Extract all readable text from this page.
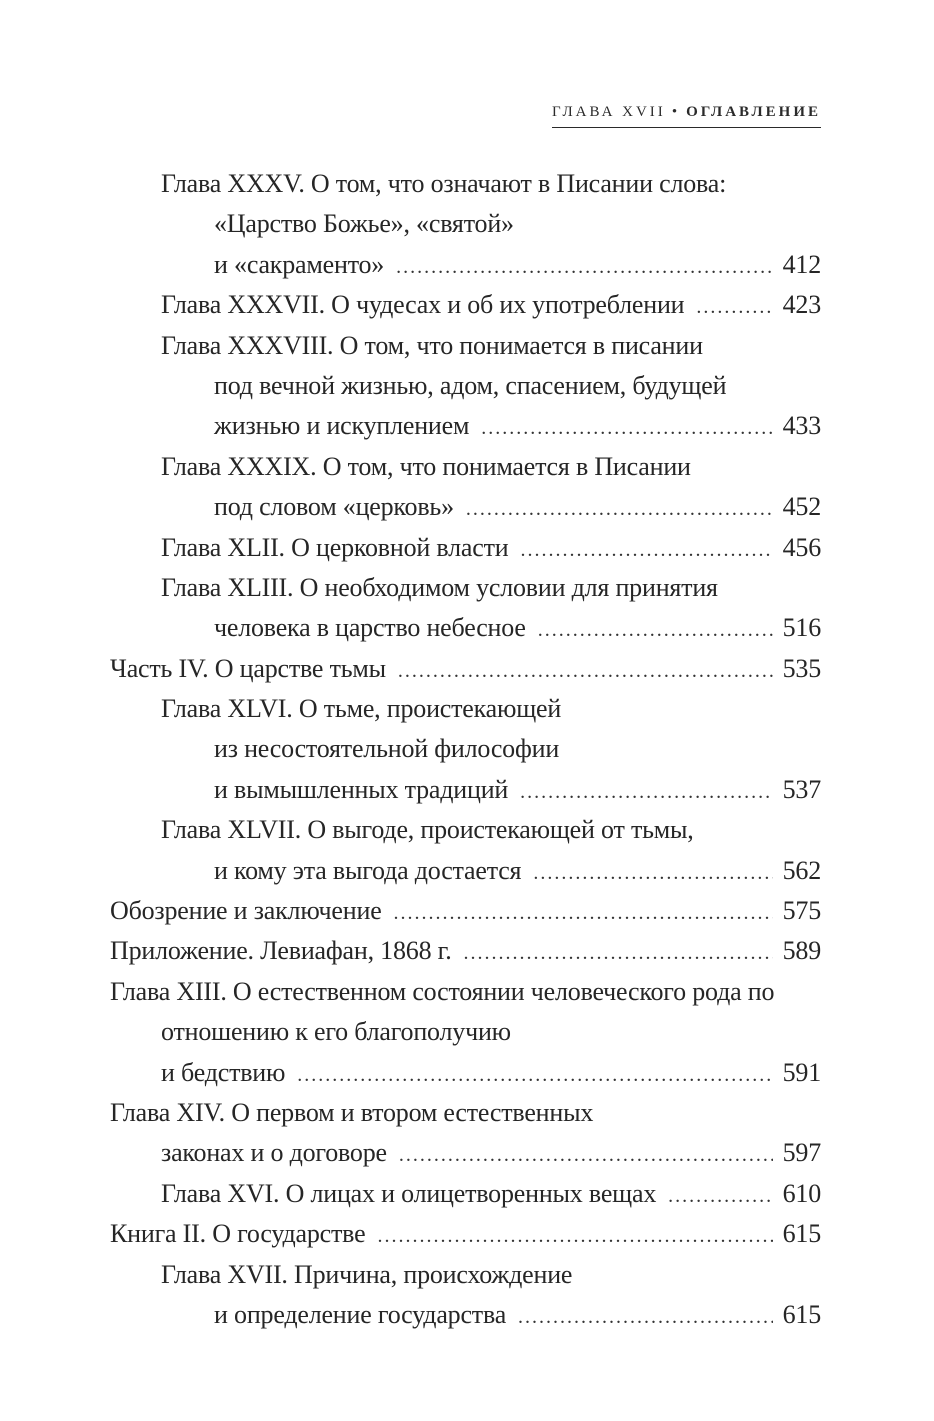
ГЛАВА XVII • ОГЛАВЛЕНИЕ
Глава XXXV. О том, что означают в Писании слова:
«Царство Божье», «святой»
и «сакраменто» . . .	412
Глава XXXVII. О чудесах и об их употреблении . . .	423
Глава XXXVIII. О том, что понимается в писании
под вечной жизнью, адом, спасением, будущей
жизнью и искуплением . . .	433
Глава XXXIX. О том, что понимается в Писании
под словом «церковь» . . .	452
Глава XLII. О церковной власти . . .	456
Глава XLIII. О необходимом условии для принятия
человека в царство небесное . . .	516
Часть IV. О царстве тьмы . . .	535
Глава XLVI. О тьме, проистекающей
из несостоятельной философии
и вымышленных традиций . . .	537
Глава XLVII. О выгоде, проистекающей от тьмы,
и кому эта выгода достается . . .	562
Обозрение и заключение . . .	575
Приложение. Левиафан, 1868 г. . . .	589
Глава XIII. О естественном состоянии человеческого рода по
отношению к его благополучию
и бедствию . . .	591
Глава XIV. О первом и втором естественных
законах и о договоре . . .	597
Глава XVI. О лицах и олицетворенных вещах . . .	610
Книга II. О государстве . . .	615
Глава XVII. Причина, происхождение
и определение государства . . .	615
